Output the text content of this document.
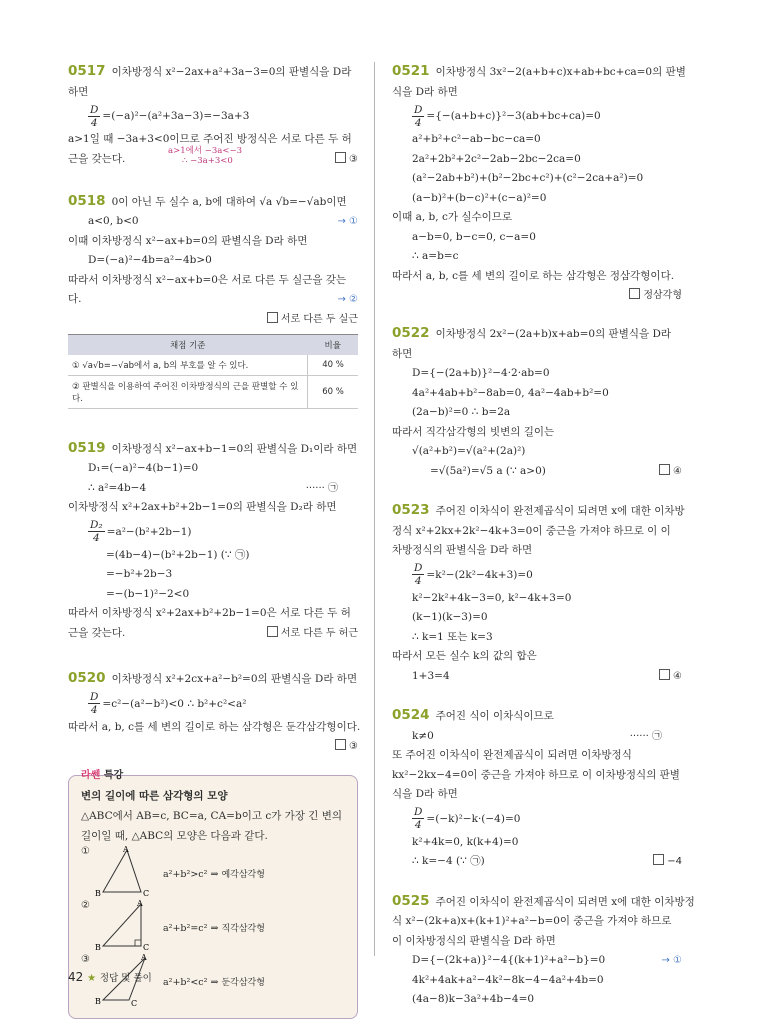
0517 이차방정식 x²−2ax+a²+3a−3=0의 판별식을 D라
하면
$\frac{D}{4} =(-a)^2-(a^2+3a-3)=-3a+3$
a>1일 때 −3a+3<0이므로 주어진 방정식은 서로 다른 두 허
근을 갖는다.
a>1에서 −3a<−3
∴ −3a+3<0	③
0518 0이 아닌 두 실수 a, b에 대하여 √a √b=−√ab이면
a<0, b<0	→ ①
이때 이차방정식 x²−ax+b=0의 판별식을 D라 하면
D=(−a)²−4b=a²−4b>0
따라서 이차방정식 x²−ax+b=0은 서로 다른 두 실근을 갖는
다.	→ ②
서로 다른 두 실근
채점 기준	비율
① √a√b=−√ab에서 a, b의 부호를 알 수 있다.	40 %
② 판별식을 이용하여 주어진 이차방정식의 근을 판별할 수 있다.	60 %
0519 이차방정식 x²−ax+b−1=0의 판별식을 D₁이라 하면
D₁=(−a)²−4(b−1)=0
∴ a²=4b−4	······ ㉠
이차방정식 x²+2ax+b²+2b−1=0의 판별식을 D₂라 하면
$\frac{\text{D₂}}{4} =a^2-(b^2+2b-1)$
=(4b−4)−(b²+2b−1) (∵ ㉠)
=−b²+2b−3
=−(b−1)²−2<0
따라서 이차방정식 x²+2ax+b²+2b−1=0은 서로 다른 두 허
근을 갖는다.	서로 다른 두 허근
0520 이차방정식 x²+2cx+a²−b²=0의 판별식을 D라 하면
$\frac{D}{4} =c^2-(a^2-b^2)<0$ ∴ b²+c²<a²
따라서 a, b, c를 세 변의 길이로 하는 삼각형은 둔각삼각형이다.
③
라쎈 특강
변의 길이에 따른 삼각형의 모양
△ABC에서 AB=c, BC=a, CA=b이고 c가 가장 긴 변의
길이일 때, △ABC의 모양은 다음과 같다.
①	A
B	C
a²+b²>c² ⇒ 예각삼각형
②	A
B	C
a²+b²=c² ⇒ 직각삼각형
③	A
B	C
a²+b²<c² ⇒ 둔각삼각형
0521 이차방정식 3x²−2(a+b+c)x+ab+bc+ca=0의 판별
식을 D라 하면
$\frac{D}{4} =\{-(a+b+c)\}^2-3(ab+bc+ca)=0$
a²+b²+c²−ab−bc−ca=0
2a²+2b²+2c²−2ab−2bc−2ca=0
(a²−2ab+b²)+(b²−2bc+c²)+(c²−2ca+a²)=0
(a−b)²+(b−c)²+(c−a)²=0
이때 a, b, c가 실수이므로
a−b=0, b−c=0, c−a=0
∴ a=b=c
따라서 a, b, c를 세 변의 길이로 하는 삼각형은 정삼각형이다.
정삼각형
0522 이차방정식 2x²−(2a+b)x+ab=0의 판별식을 D라
하면
D={−(2a+b)}²−4·2·ab=0
4a²+4ab+b²−8ab=0, 4a²−4ab+b²=0
(2a−b)²=0 ∴ b=2a
따라서 직각삼각형의 빗변의 길이는
√(a²+b²)=√(a²+(2a)²)
=√(5a²)=√5 a (∵ a>0)	④
0523 주어진 이차식이 완전제곱식이 되려면 x에 대한 이차방
정식 x²+2kx+2k²−4k+3=0이 중근을 가져야 하므로 이 이
차방정식의 판별식을 D라 하면
$\frac{D}{4} =k^2-(2k^2-4k+3)=0$
k²−2k²+4k−3=0, k²−4k+3=0
(k−1)(k−3)=0
∴ k=1 또는 k=3
따라서 모든 실수 k의 값의 합은
1+3=4	④
0524 주어진 식이 이차식이므로
k≠0	······ ㉠
또 주어진 이차식이 완전제곱식이 되려면 이차방정식
kx²−2kx−4=0이 중근을 가져야 하므로 이 이차방정식의 판별
식을 D라 하면
$\frac{D}{4} =(-k)^2-k\cdot(-4)=0$
k²+4k=0, k(k+4)=0
∴ k=−4 (∵ ㉠)	−4
0525 주어진 이차식이 완전제곱식이 되려면 x에 대한 이차방정
식 x²−(2k+a)x+(k+1)²+a²−b=0이 중근을 가져야 하므로
이 이차방정식의 판별식을 D라 하면
D={−(2k+a)}²−4{(k+1)²+a²−b}=0	→ ①
4k²+4ak+a²−4k²−8k−4−4a²+4b=0
(4a−8)k−3a²+4b−4=0
42 ★ 정답 및 풀이
